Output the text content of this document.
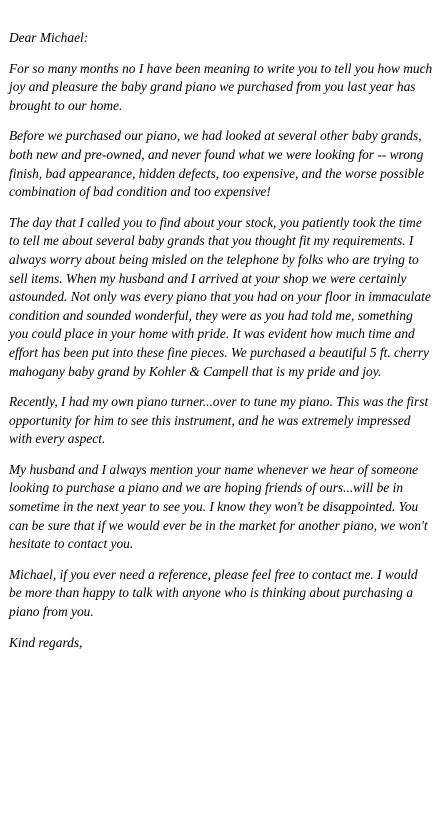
Dear Michael:

For so many months no I have been meaning to write you to tell you how much joy and pleasure the baby grand piano we purchased from you last year has brought to our home.

Before we purchased our piano, we had looked at several other baby grands, both new and pre-owned, and never found what we were looking for -- wrong finish, bad appearance, hidden defects, too expensive, and the worse possible combination of bad condition and too expensive!

The day that I called you to find about your stock, you patiently took the time to tell me about several baby grands that you thought fit my requirements. I always worry about being misled on the telephone by folks who are trying to sell items. When my husband and I arrived at your shop we were certainly astounded. Not only was every piano that you had on your floor in immaculate condition and sounded wonderful, they were as you had told me, something you could place in your home with pride. It was evident how much time and effort has been put into these fine pieces. We purchased a beautiful 5 ft. cherry mahogany baby grand by Kohler & Campell that is my pride and joy.

Recently, I had my own piano turner...over to tune my piano. This was the first opportunity for him to see this instrument, and he was extremely impressed with every aspect.

My husband and I always mention your name whenever we hear of someone looking to purchase a piano and we are hoping friends of ours...will be in sometime in the next year to see you. I know they won't be disappointed. You can be sure that if we would ever be in the market for another piano, we won't hesitate to contact you.

Michael, if you ever need a reference, please feel free to contact me. I would be more than happy to talk with anyone who is thinking about purchasing a piano from you.

Kind regards,
